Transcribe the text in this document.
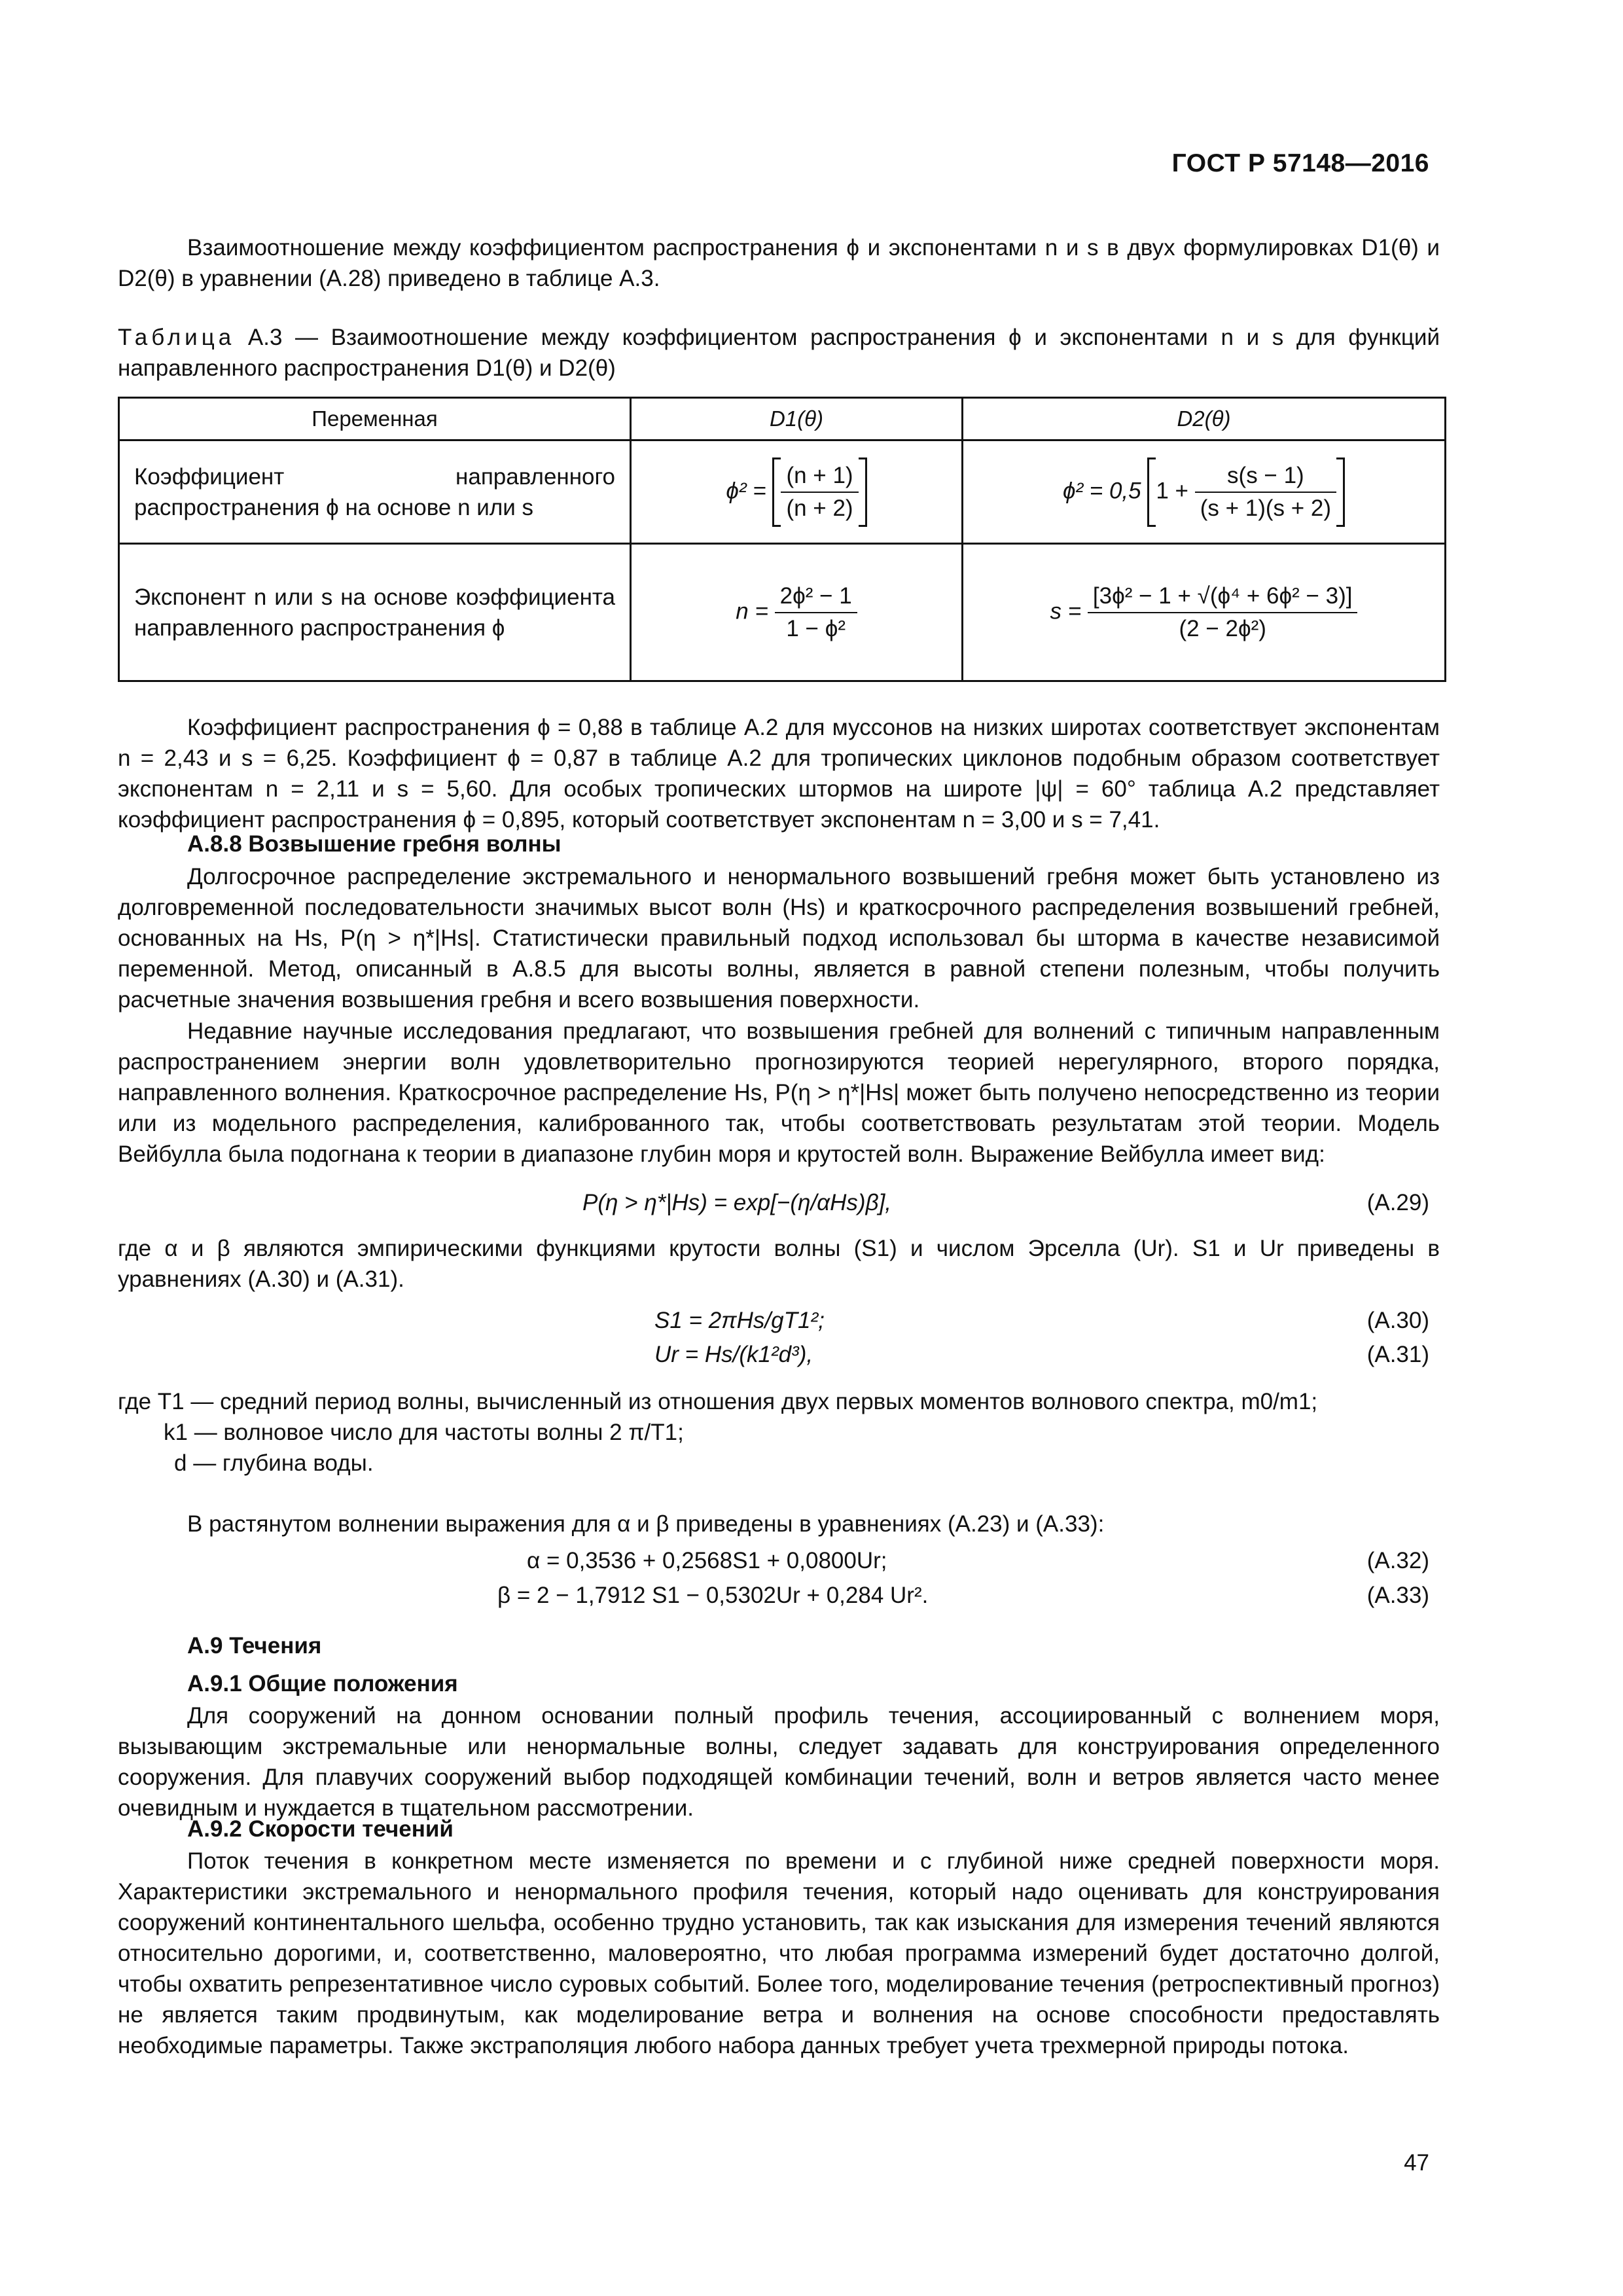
ГОСТ Р 57148—2016

Взаимоотношение между коэффициентом распространения ϕ и экспонентами n и s в двух формулировках D1(θ) и D2(θ) в уравнении (А.28) приведено в таблице А.3.

Таблица А.3 — Взаимоотношение между коэффициентом распространения ϕ и экспонентами n и s для функций направленного распространения D1(θ) и D2(θ)

Переменная	D1(θ)	D2(θ)
Коэффициент направленного распространения ϕ на основе n или s	$\phi^2 = \frac{(n + 1)}{(n + 2)}$	ϕ² = 0,5 $1 + \frac{s(s - 1)}{(s + 1)(s + 2)}$

Экспонент n или s на основе коэффициента направленного распространения ϕ	$n = \frac{\text{2ϕ² − 1}}{\text{1 − ϕ²}}$	$s = \frac{\text{[3ϕ² − 1 + √(ϕ⁴ + 6ϕ² − 3)]}}{\text{(2 − 2ϕ²)}}$

Коэффициент распространения ϕ = 0,88 в таблице А.2 для муссонов на низких широтах соответствует экспонентам n = 2,43 и s = 6,25. Коэффициент ϕ = 0,87 в таблице А.2 для тропических циклонов подобным образом соответствует экспонентам n = 2,11 и s = 5,60. Для особых тропических штормов на широте |ψ| = 60° таблица А.2 представляет коэффициент распространения ϕ = 0,895, который соответствует экспонентам n = 3,00 и s = 7,41.

А.8.8 Возвышение гребня волны

Долгосрочное распределение экстремального и ненормального возвышений гребня может быть установлено из долговременной последовательности значимых высот волн (Hs) и краткосрочного распределения возвышений гребней, основанных на Hs, P(η > η*|Hs|. Статистически правильный подход использовал бы шторма в качестве независимой переменной. Метод, описанный в А.8.5 для высоты волны, является в равной степени полезным, чтобы получить расчетные значения возвышения гребня и всего возвышения поверхности.

Недавние научные исследования предлагают, что возвышения гребней для волнений с типичным направленным распространением энергии волн удовлетворительно прогнозируются теорией нерегулярного, второго порядка, направленного волнения. Краткосрочное распределение Hs, P(η > η*|Hs| может быть получено непосредственно из теории или из модельного распределения, калиброванного так, чтобы соответствовать результатам этой теории. Модель Вейбулла была подогнана к теории в диапазоне глубин моря и крутостей волн. Выражение Вейбулла имеет вид:

P(η > η*|Hs) = exp[−(η/αHs)β],	(А.29)

где α и β являются эмпирическими функциями крутости волны (S1) и числом Эрселла (Ur). S1 и Ur приведены в уравнениях (А.30) и (А.31).

S1 = 2πHs/gT1²;	(А.30)
Ur = Hs/(k1²d³),	(А.31)
где T1 — средний период волны, вычисленный из отношения двух первых моментов волнового спектра, m0/m1;
k1 — волновое число для частоты волны 2 π/T1;
d — глубина воды.

В растянутом волнении выражения для α и β приведены в уравнениях (А.23) и (А.33):

α = 0,3536 + 0,2568S1 + 0,0800Ur;	(А.32)
β = 2 − 1,7912 S1 − 0,5302Ur + 0,284 Ur².	(А.33)

А.9 Течения

А.9.1 Общие положения

Для сооружений на донном основании полный профиль течения, ассоциированный с волнением моря, вызывающим экстремальные или ненормальные волны, следует задавать для конструирования определенного сооружения. Для плавучих сооружений выбор подходящей комбинации течений, волн и ветров является часто менее очевидным и нуждается в тщательном рассмотрении.

А.9.2 Скорости течений

Поток течения в конкретном месте изменяется по времени и с глубиной ниже средней поверхности моря. Характеристики экстремального и ненормального профиля течения, который надо оценивать для конструирования сооружений континентального шельфа, особенно трудно установить, так как изыскания для измерения течений являются относительно дорогими, и, соответственно, маловероятно, что любая программа измерений будет достаточно долгой, чтобы охватить репрезентативное число суровых событий. Более того, моделирование течения (ретроспективный прогноз) не является таким продвинутым, как моделирование ветра и волнения на основе способности предоставлять необходимые параметры. Также экстраполяция любого набора данных требует учета трехмерной природы потока.

47
